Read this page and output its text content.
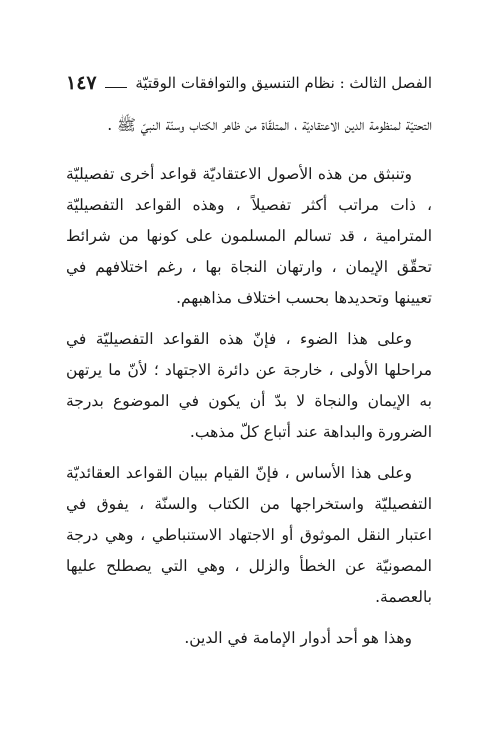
الفصل الثالث : نظام التنسيق والتوافقات الوقتيّة
١٤٧

التحتيّة لمنظومة الدين الاعتقاديّة ، المتلقّاة من ظاهر الكتاب وسنّة النبيّ ﷺ .

وتنبثق من هذه الأصول الاعتقاديّة قواعد أخرى تفصيليّة ، ذات مراتب أكثر تفصيلاً ، وهذه القواعد التفصيليّة المترامية ، قد تسالم المسلمون على كونها من شرائط تحقّق الإيمان ، وارتهان النجاة بها ، رغم اختلافهم في تعيينها وتحديدها بحسب اختلاف مذاهبهم.

وعلى هذا الضوء ، فإنّ هذه القواعد التفصيليّة في مراحلها الأولى ، خارجة عن دائرة الاجتهاد ؛ لأنّ ما يرتهن به الإيمان والنجاة لا بدّ أن يكون في الموضوع بدرجة الضرورة والبداهة عند أتباع كلّ مذهب.

وعلى هذا الأساس ، فإنّ القيام ببيان القواعد العقائديّة التفصيليّة واستخراجها من الكتاب والسنّة ، يفوق في اعتبار النقل الموثوق أو الاجتهاد الاستنباطي ، وهي درجة المصونيّة عن الخطأ والزلل ، وهي التي يصطلح عليها بالعصمة.

وهذا هو أحد أدوار الإمامة في الدين.
